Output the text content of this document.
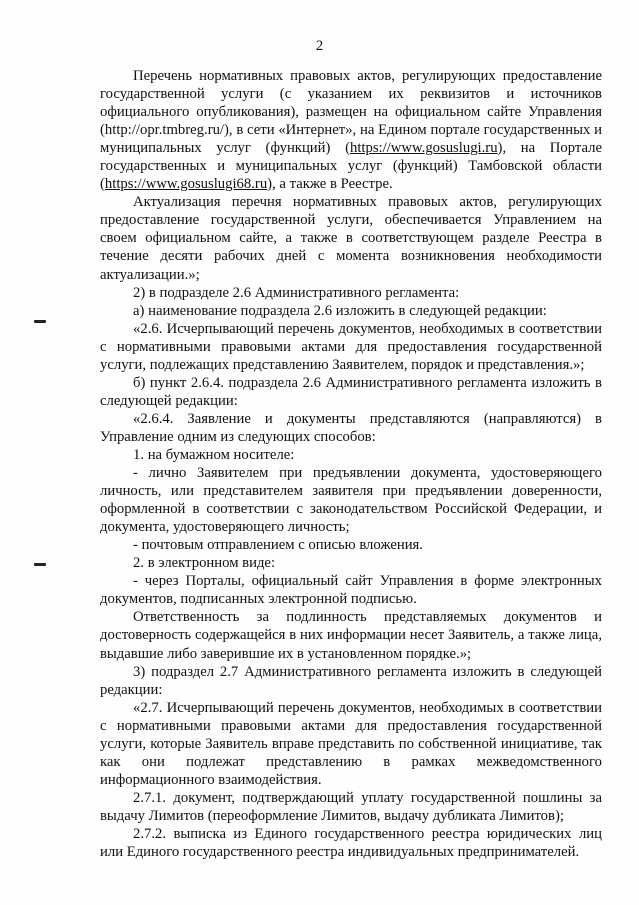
2

Перечень нормативных правовых актов, регулирующих предоставление государственной услуги (с указанием их реквизитов и источников официального опубликования), размещен на официальном сайте Управления (http://opr.tmbreg.ru/), в сети «Интернет», на Едином портале государственных и муниципальных услуг (функций) (https://www.gosuslugi.ru), на Портале государственных и муниципальных услуг (функций) Тамбовской области (https://www.gosuslugi68.ru), а также в Реестре.

Актуализация перечня нормативных правовых актов, регулирующих предоставление государственной услуги, обеспечивается Управлением на своем официальном сайте, а также в соответствующем разделе Реестра в течение десяти рабочих дней с момента возникновения необходимости актуализации.»;

2) в подразделе 2.6 Административного регламента:

а) наименование подраздела 2.6 изложить в следующей редакции:

«2.6. Исчерпывающий перечень документов, необходимых в соответствии с нормативными правовыми актами для предоставления государственной услуги, подлежащих представлению Заявителем, порядок и представления.»;

б) пункт 2.6.4. подраздела 2.6 Административного регламента изложить в следующей редакции:

«2.6.4. Заявление и документы представляются (направляются) в Управление одним из следующих способов:

1. на бумажном носителе:

- лично Заявителем при предъявлении документа, удостоверяющего личность, или представителем заявителя при предъявлении доверенности, оформленной в соответствии с законодательством Российской Федерации, и документа, удостоверяющего личность;

- почтовым отправлением с описью вложения.

2. в электронном виде:

- через Порталы, официальный сайт Управления в форме электронных документов, подписанных электронной подписью.

Ответственность за подлинность представляемых документов и достоверность содержащейся в них информации несет Заявитель, а также лица, выдавшие либо заверившие их в установленном порядке.»;

3) подраздел 2.7 Административного регламента изложить в следующей редакции:

«2.7. Исчерпывающий перечень документов, необходимых в соответствии с нормативными правовыми актами для предоставления государственной услуги, которые Заявитель вправе представить по собственной инициативе, так как они подлежат представлению в рамках межведомственного информационного взаимодействия.

2.7.1. документ, подтверждающий уплату государственной пошлины за выдачу Лимитов (переоформление Лимитов, выдачу дубликата Лимитов);

2.7.2. выписка из Единого государственного реестра юридических лиц или Единого государственного реестра индивидуальных предпринимателей.
